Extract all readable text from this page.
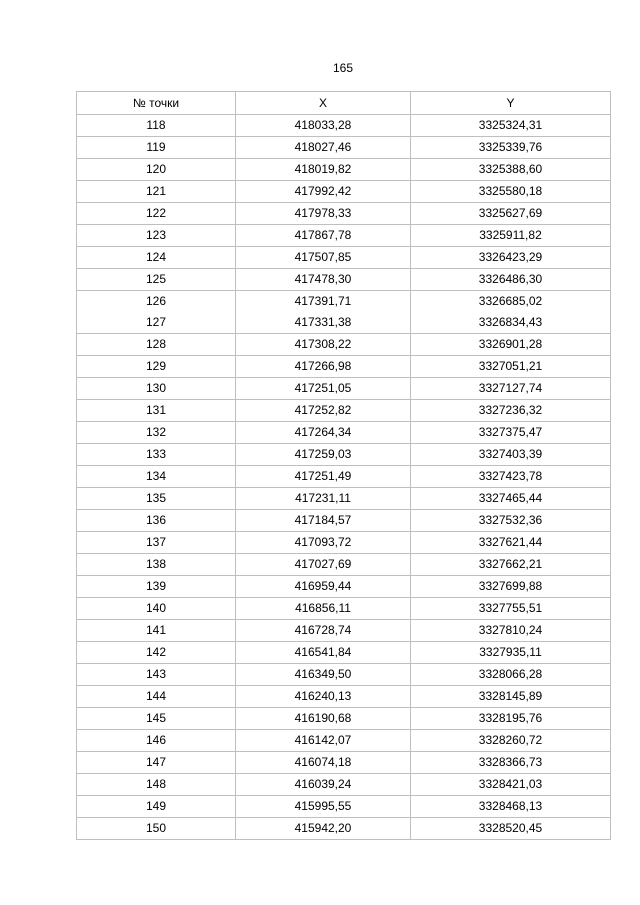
165
№ точки	X	Y
118	418033,28	3325324,31
119	418027,46	3325339,76
120	418019,82	3325388,60
121	417992,42	3325580,18
122	417978,33	3325627,69
123	417867,78	3325911,82
124	417507,85	3326423,29
125	417478,30	3326486,30
126	417391,71	3326685,02
127	417331,38	3326834,43
128	417308,22	3326901,28
129	417266,98	3327051,21
130	417251,05	3327127,74
131	417252,82	3327236,32
132	417264,34	3327375,47
133	417259,03	3327403,39
134	417251,49	3327423,78
135	417231,11	3327465,44
136	417184,57	3327532,36
137	417093,72	3327621,44
138	417027,69	3327662,21
139	416959,44	3327699,88
140	416856,11	3327755,51
141	416728,74	3327810,24
142	416541,84	3327935,11
143	416349,50	3328066,28
144	416240,13	3328145,89
145	416190,68	3328195,76
146	416142,07	3328260,72
147	416074,18	3328366,73
148	416039,24	3328421,03
149	415995,55	3328468,13
150	415942,20	3328520,45
